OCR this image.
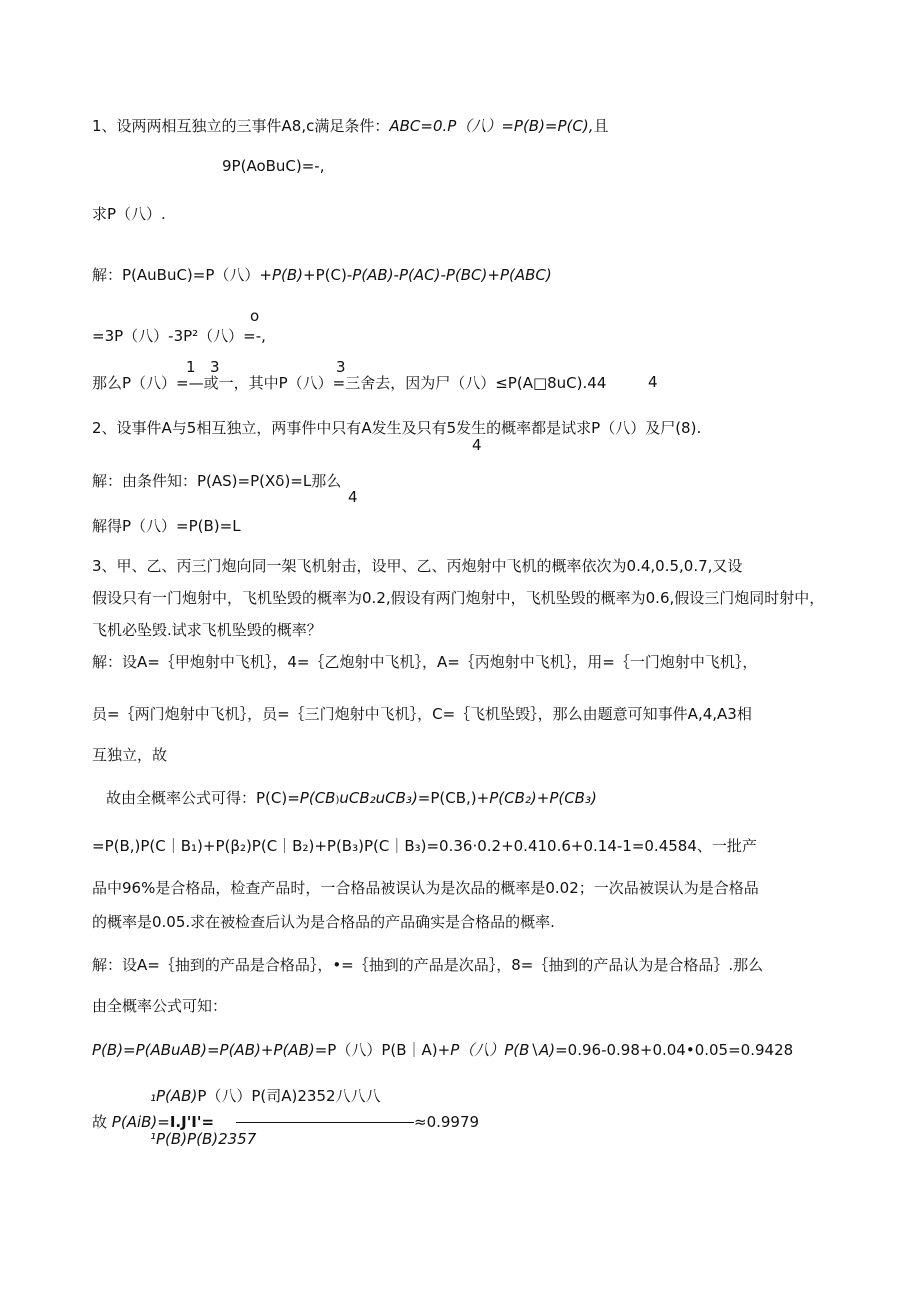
1、设两两相互独立的三事件A8,c满足条件：ABC=0.P（八）=P(B)=P(C),且
9P(AoBuC)=-,
求P（八）.
解：P(AuBuC)=P（八）+P(B)+P(C)-P(AB)-P(AC)-P(BC)+P(ABC)
o
=3P（八）-3P²（八）=-,
1 3	3
那么P（八）=—或一，其中P（八）=三舍去，因为尸（八）≤P(A□8uC).44	4
2、设事件A与5相互独立，两事件中只有A发生及只有5发生的概率都是试求P（八）及尸(8).
4
解：由条件知：P(AS)=P(Xδ)=L那么
4
解得P（八）=P(B)=L
3、甲、乙、丙三门炮向同一架飞机射击，设甲、乙、丙炮射中飞机的概率依次为0.4,0.5,0.7,又设
假设只有一门炮射中，飞机坠毁的概率为0.2,假设有两门炮射中，飞机坠毁的概率为0.6,假设三门炮同时射中，
飞机必坠毁.试求飞机坠毁的概率？
解：设A=｛甲炮射中飞机｝，4=｛乙炮射中飞机｝，A=｛丙炮射中飞机｝，用=｛一门炮射中飞机｝，
员=｛两门炮射中飞机｝，员=｛三门炮射中飞机｝，C=｛飞机坠毁｝，那么由题意可知事件A,4,A3相
互独立，故
故由全概率公式可得：P(C)=P(CB)uCB₂uCB₃)=P(CB,)+P(CB₂)+P(CB₃)
=P(B,)P(C｜B₁)+P(β₂)P(C｜B₂)+P(B₃)P(C｜B₃)=0.36·0.2+0.410.6+0.14-1=0.4584、一批产
品中96%是合格品，检查产品时，一合格品被误认为是次品的概率是0.02；一次品被误认为是合格品
的概率是0.05.求在被检查后认为是合格品的产品确实是合格品的概率.
解：设A=｛抽到的产品是合格品｝，•=｛抽到的产品是次品｝，8=｛抽到的产品认为是合格品｝.那么
由全概率公式可知：
P(B)=P(ABuAB)=P(AB)+P(AB)=P（八）P(B｜A)+P（八）P(B∖A)=0.96-0.98+0.04•0.05=0.9428
₁P(AB)P（八）P(司A)2352八八八
故 P(AiB)=I.J'I'=	≈0.9979
¹P(B)P(B)2357
